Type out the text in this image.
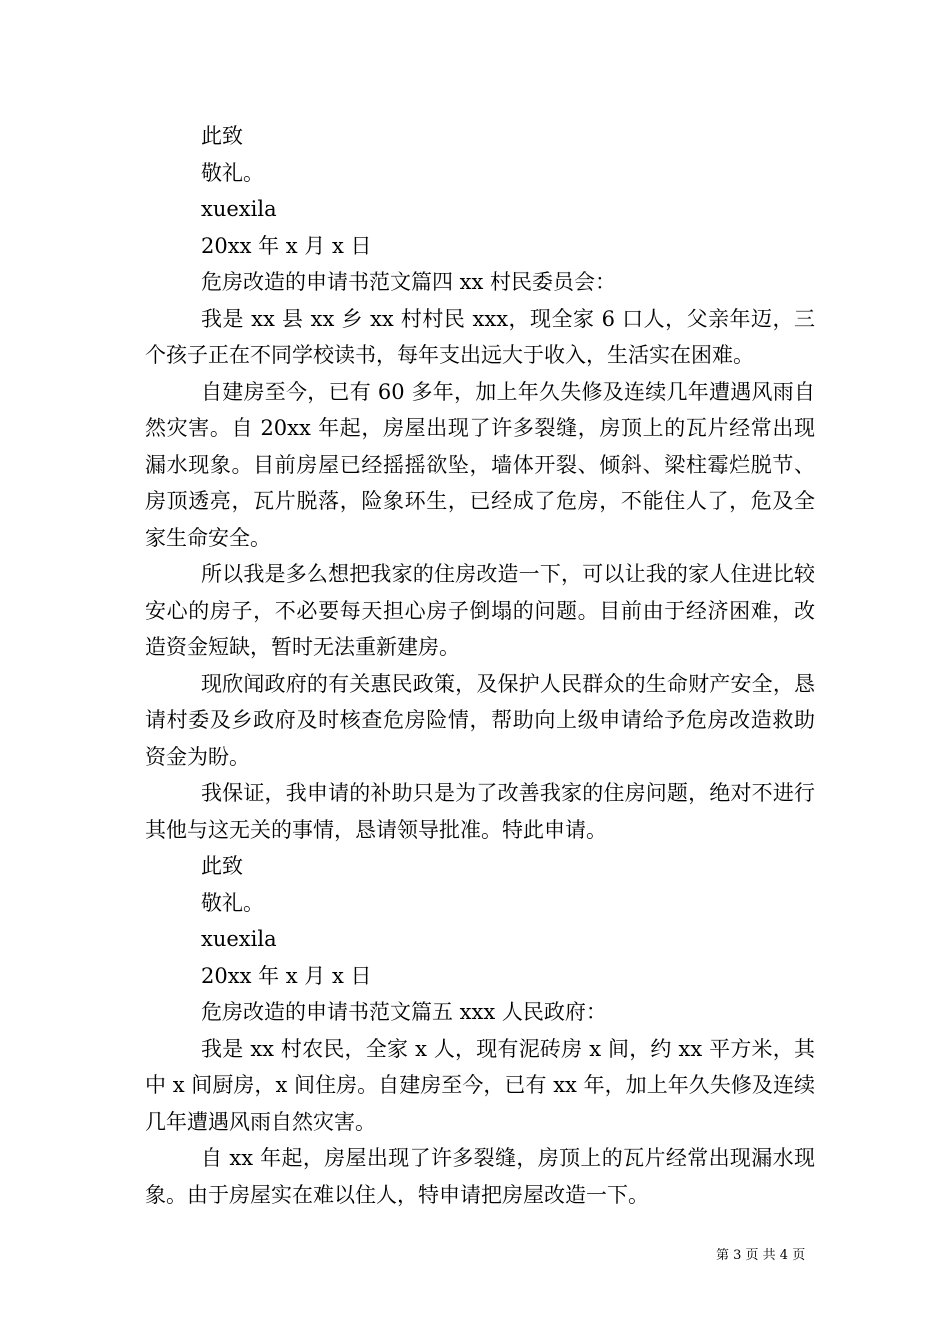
此致

敬礼。

xuexila

20xx 年 x 月 x 日

危房改造的申请书范文篇四 xx 村民委员会：

我是 xx 县 xx 乡 xx 村村民 xxx，现全家 6 口人，父亲年迈，三个孩子正在不同学校读书，每年支出远大于收入，生活实在困难。

自建房至今，已有 60 多年，加上年久失修及连续几年遭遇风雨自然灾害。自 20xx 年起，房屋出现了许多裂缝，房顶上的瓦片经常出现漏水现象。目前房屋已经摇摇欲坠，墙体开裂、倾斜、梁柱霉烂脱节、房顶透亮，瓦片脱落，险象环生，已经成了危房，不能住人了，危及全家生命安全。

所以我是多么想把我家的住房改造一下，可以让我的家人住进比较安心的房子，不必要每天担心房子倒塌的问题。目前由于经济困难，改造资金短缺，暂时无法重新建房。

现欣闻政府的有关惠民政策，及保护人民群众的生命财产安全，恳请村委及乡政府及时核查危房险情，帮助向上级申请给予危房改造救助资金为盼。

我保证，我申请的补助只是为了改善我家的住房问题，绝对不进行其他与这无关的事情，恳请领导批准。特此申请。

此致

敬礼。

xuexila

20xx 年 x 月 x 日

危房改造的申请书范文篇五 xxx 人民政府：

我是 xx 村农民，全家 x 人，现有泥砖房 x 间，约 xx 平方米，其中 x 间厨房，x 间住房。自建房至今，已有 xx 年，加上年久失修及连续几年遭遇风雨自然灾害。

自 xx 年起，房屋出现了许多裂缝，房顶上的瓦片经常出现漏水现象。由于房屋实在难以住人，特申请把房屋改造一下。

第 3 页 共 4 页
